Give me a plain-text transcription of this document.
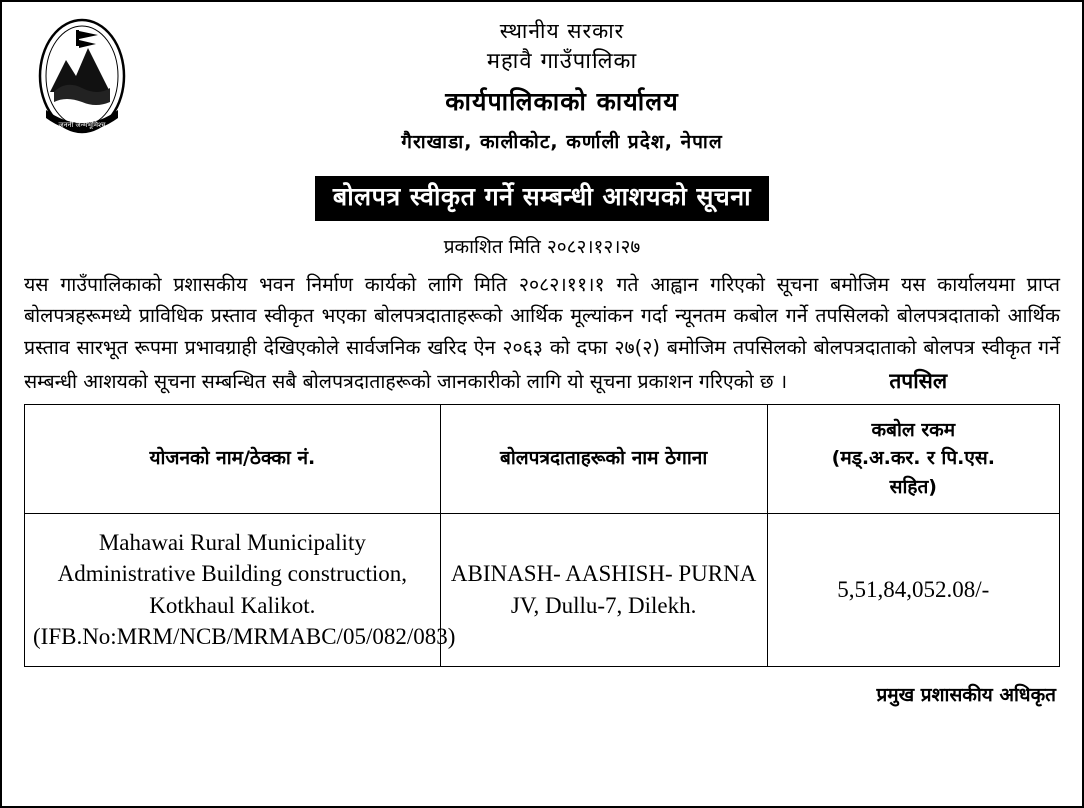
जननी जन्मभूमिश्च
स्थानीय सरकार
महावै गाउँपालिका
कार्यपालिकाको कार्यालय
गैराखाडा, कालीकोट, कर्णाली प्रदेश, नेपाल
बोलपत्र स्वीकृत गर्ने सम्बन्धी आशयको सूचना
प्रकाशित मिति २०८२।१२।२७
यस गाउँपालिकाको प्रशासकीय भवन निर्माण कार्यको लागि मिति २०८२।११।१ गते आह्वान गरिएको सूचना बमोजिम यस कार्यालयमा प्राप्त बोलपत्रहरूमध्ये प्राविधिक प्रस्ताव स्वीकृत भएका बोलपत्रदाताहरूको आर्थिक मूल्यांकन गर्दा न्यूनतम कबोल गर्ने तपसिलको बोलपत्रदाताको आर्थिक प्रस्ताव सारभूत रूपमा प्रभावग्राही देखिएकोले सार्वजनिक खरिद ऐन २०६३ को दफा २७(२) बमोजिम तपसिलको बोलपत्रदाताको बोलपत्र स्वीकृत गर्ने सम्बन्धी आशयको सूचना सम्बन्धित सबै बोलपत्रदाताहरूको जानकारीको लागि यो सूचना प्रकाशन गरिएको छ ।	तपसिल
योजनको नाम/ठेक्का नं.	बोलपत्रदाताहरूको नाम ठेगाना	कबोल रकम
(मड्.अ.कर. र पि.एस.
सहित)

Mahawai Rural Municipality Administrative Building construction, Kotkhaul Kalikot. (IFB.No:MRM/NCB/MRMABC/05/082/083)	ABINASH- AASHISH- PURNA JV, Dullu-7, Dilekh.	5,51,84,052.08/-
प्रमुख प्रशासकीय अधिकृत
